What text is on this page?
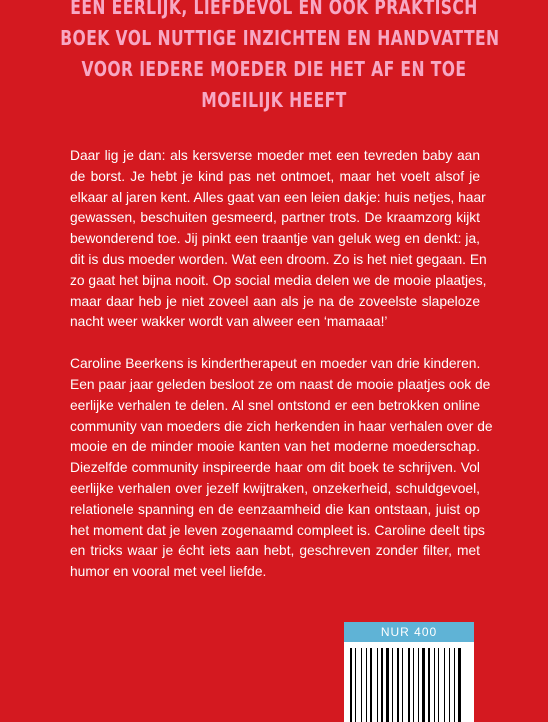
EEN EERLIJK, LIEFDEVOL EN OOK PRAKTISCH
BOEK VOL NUTTIGE INZICHTEN EN HANDVATTEN
VOOR IEDERE MOEDER DIE HET AF EN TOE
MOEILIJK HEEFT

Daar lig je dan: als kersverse moeder met een tevreden baby aan
de borst. Je hebt je kind pas net ontmoet, maar het voelt alsof je
elkaar al jaren kent. Alles gaat van een leien dakje: huis netjes, haar
gewassen, beschuiten gesmeerd, partner trots. De kraamzorg kijkt
bewonderend toe. Jij pinkt een traantje van geluk weg en denkt: ja,
dit is dus moeder worden. Wat een droom. Zo is het niet gegaan. En
zo gaat het bijna nooit. Op social media delen we de mooie plaatjes,
maar daar heb je niet zoveel aan als je na de zoveelste slapeloze
nacht weer wakker wordt van alweer een ‘mamaaa!’

Caroline Beerkens is kindertherapeut en moeder van drie kinderen.
Een paar jaar geleden besloot ze om naast de mooie plaatjes ook de
eerlijke verhalen te delen. Al snel ontstond er een betrokken online
community van moeders die zich herkenden in haar verhalen over de
mooie en de minder mooie kanten van het moderne moederschap.
Diezelfde community inspireerde haar om dit boek te schrijven. Vol
eerlijke verhalen over jezelf kwijtraken, onzekerheid, schuldgevoel,
relationele spanning en de eenzaamheid die kan ontstaan, juist op
het moment dat je leven zogenaamd compleet is. Caroline deelt tips
en tricks waar je écht iets aan hebt, geschreven zonder filter, met
humor en vooral met veel liefde.

NUR 400
